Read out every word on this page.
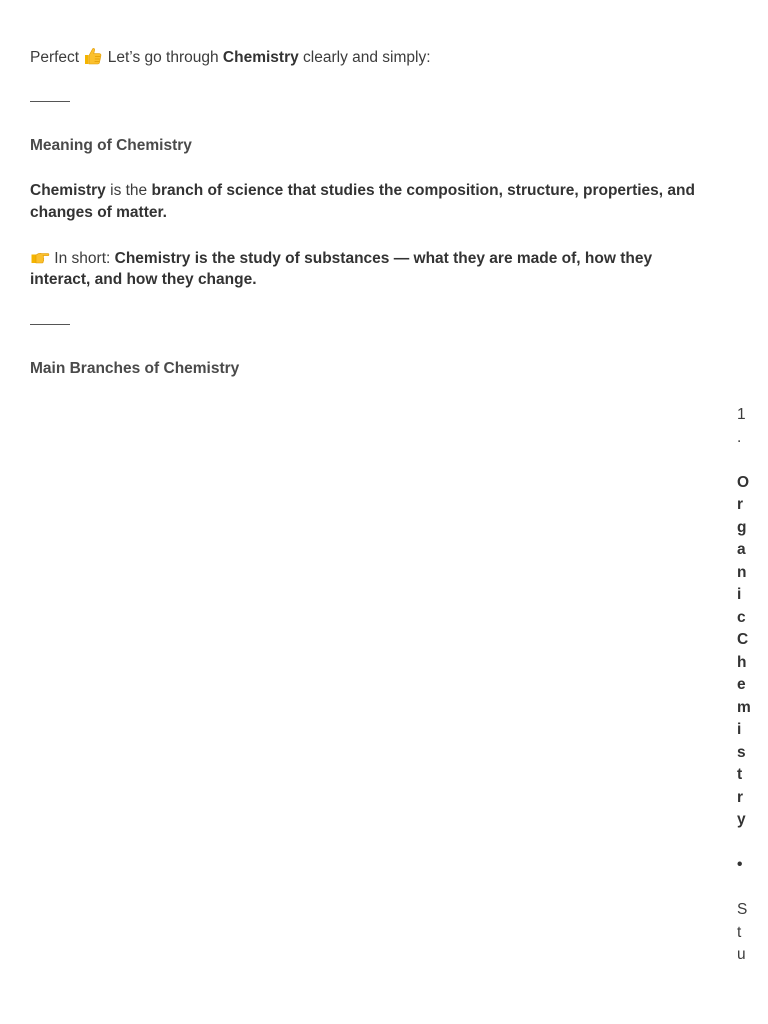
Perfect  Let’s go through Chemistry clearly and simply:
Meaning of Chemistry
Chemistry is the branch of science that studies the composition, structure, properties, and
changes of matter.
In short: Chemistry is the study of substances — what they are made of, how they
interact, and how they change.
Main Branches of Chemistry
1
.
O
r
g
a
n
i
c
C
h
e
m
i
s
t
r
y
•
S
t
u
